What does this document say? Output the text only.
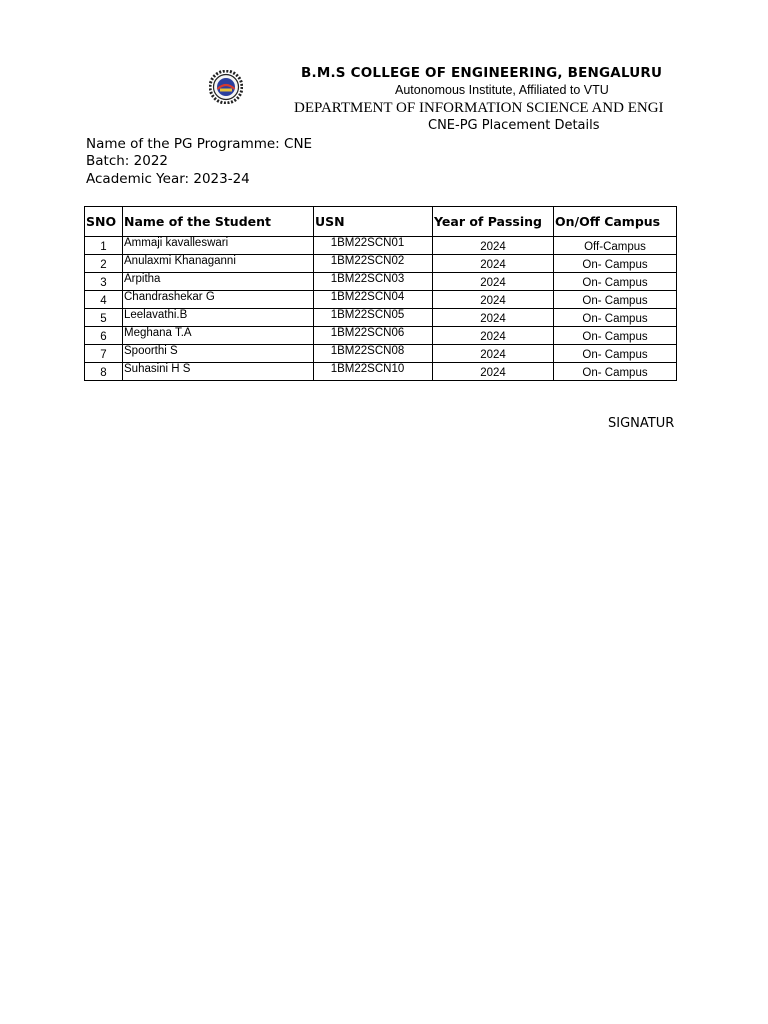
B.M.S COLLEGE OF ENGINEERING, BENGALURU
Autonomous Institute, Affiliated to VTU
DEPARTMENT OF INFORMATION SCIENCE AND ENGI
CNE-PG Placement Details
Name of the PG Programme: CNE
Batch: 2022
Academic Year: 2023-24
SNO	Name of the Student	USN	Year of Passing	On/Off Campus
1	Ammaji kavalleswari	1BM22SCN01	2024	Off-Campus
2	Anulaxmi Khanaganni	1BM22SCN02	2024	On- Campus
3	Arpitha	1BM22SCN03	2024	On- Campus
4	Chandrashekar G	1BM22SCN04	2024	On- Campus
5	Leelavathi.B	1BM22SCN05	2024	On- Campus
6	Meghana T.A	1BM22SCN06	2024	On- Campus
7	Spoorthi S	1BM22SCN08	2024	On- Campus
8	Suhasini H S	1BM22SCN10	2024	On- Campus
SIGNATUR
